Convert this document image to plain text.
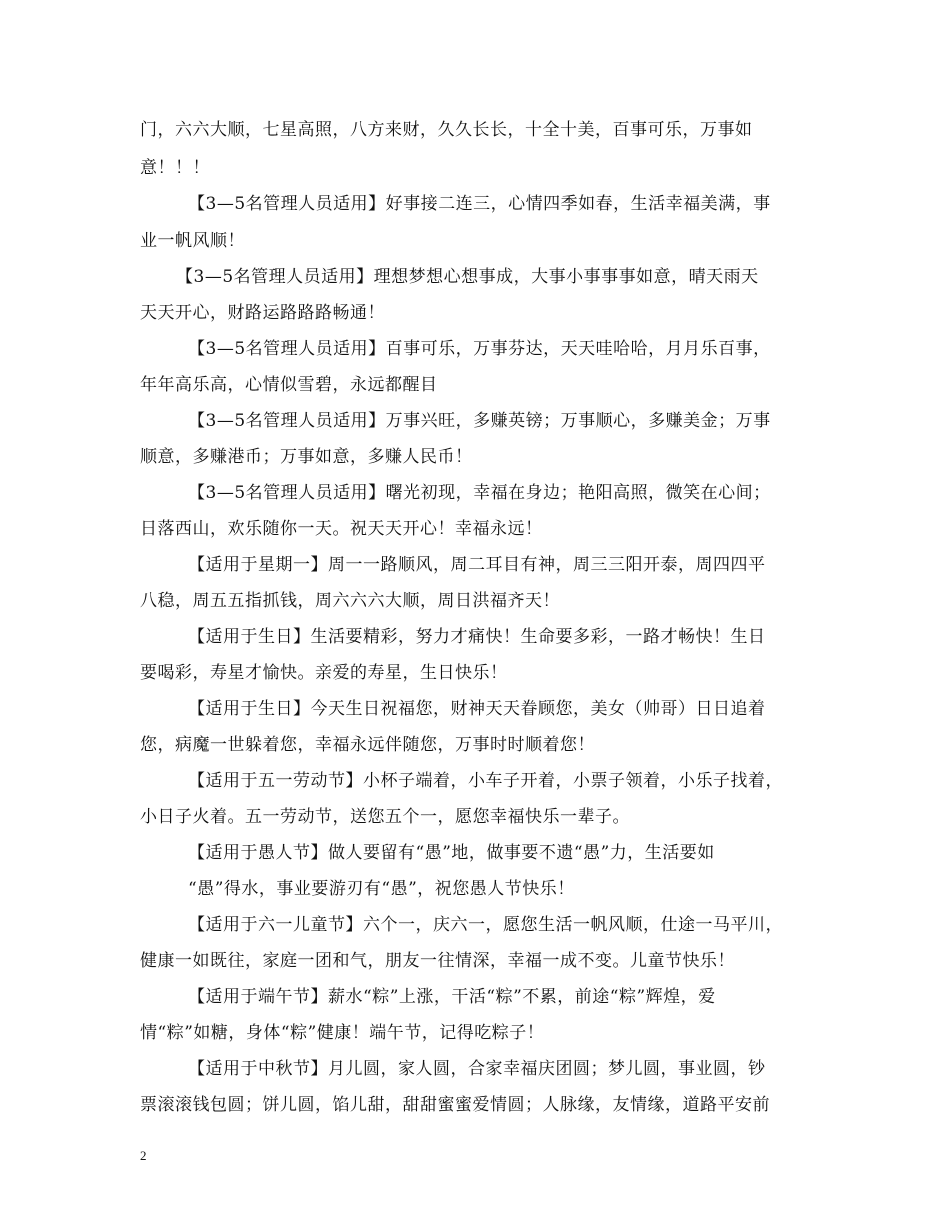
门，六六大顺，七星高照，八方来财，久久长长，十全十美，百事可乐，万事如
意！！！
【3—5名管理人员适用】好事接二连三，心情四季如春，生活幸福美满，事
业一帆风顺！
【3—5名管理人员适用】理想梦想心想事成，大事小事事事如意，晴天雨天
天天开心，财路运路路路畅通！
【3—5名管理人员适用】百事可乐，万事芬达，天天哇哈哈，月月乐百事，
年年高乐高，心情似雪碧，永远都醒目
【3—5名管理人员适用】万事兴旺，多赚英镑；万事顺心，多赚美金；万事
顺意，多赚港币；万事如意，多赚人民币！
【3—5名管理人员适用】曙光初现，幸福在身边；艳阳高照，微笑在心间；
日落西山，欢乐随你一天。祝天天开心！幸福永远！
【适用于星期一】周一一路顺风，周二耳目有神，周三三阳开泰，周四四平
八稳，周五五指抓钱，周六六六大顺，周日洪福齐天！
【适用于生日】生活要精彩，努力才痛快！生命要多彩，一路才畅快！生日
要喝彩，寿星才愉快。亲爱的寿星，生日快乐！
【适用于生日】今天生日祝福您，财神天天眷顾您，美女（帅哥）日日追着
您，病魔一世躲着您，幸福永远伴随您，万事时时顺着您！
【适用于五一劳动节】小杯子端着，小车子开着，小票子领着，小乐子找着，
小日子火着。五一劳动节，送您五个一，愿您幸福快乐一辈子。
【适用于愚人节】做人要留有“愚”地，做事要不遗“愚”力，生活要如
“愚”得水，事业要游刃有“愚”，祝您愚人节快乐！
【适用于六一儿童节】六个一，庆六一，愿您生活一帆风顺，仕途一马平川，
健康一如既往，家庭一团和气，朋友一往情深，幸福一成不变。儿童节快乐！
【适用于端午节】薪水“粽”上涨，干活“粽”不累，前途“粽”辉煌，爱
情“粽”如糖，身体“粽”健康！端午节，记得吃粽子！
【适用于中秋节】月儿圆，家人圆，合家幸福庆团圆；梦儿圆，事业圆，钞
票滚滚钱包圆；饼儿圆，馅儿甜，甜甜蜜蜜爱情圆；人脉缘，友情缘，道路平安前
2
